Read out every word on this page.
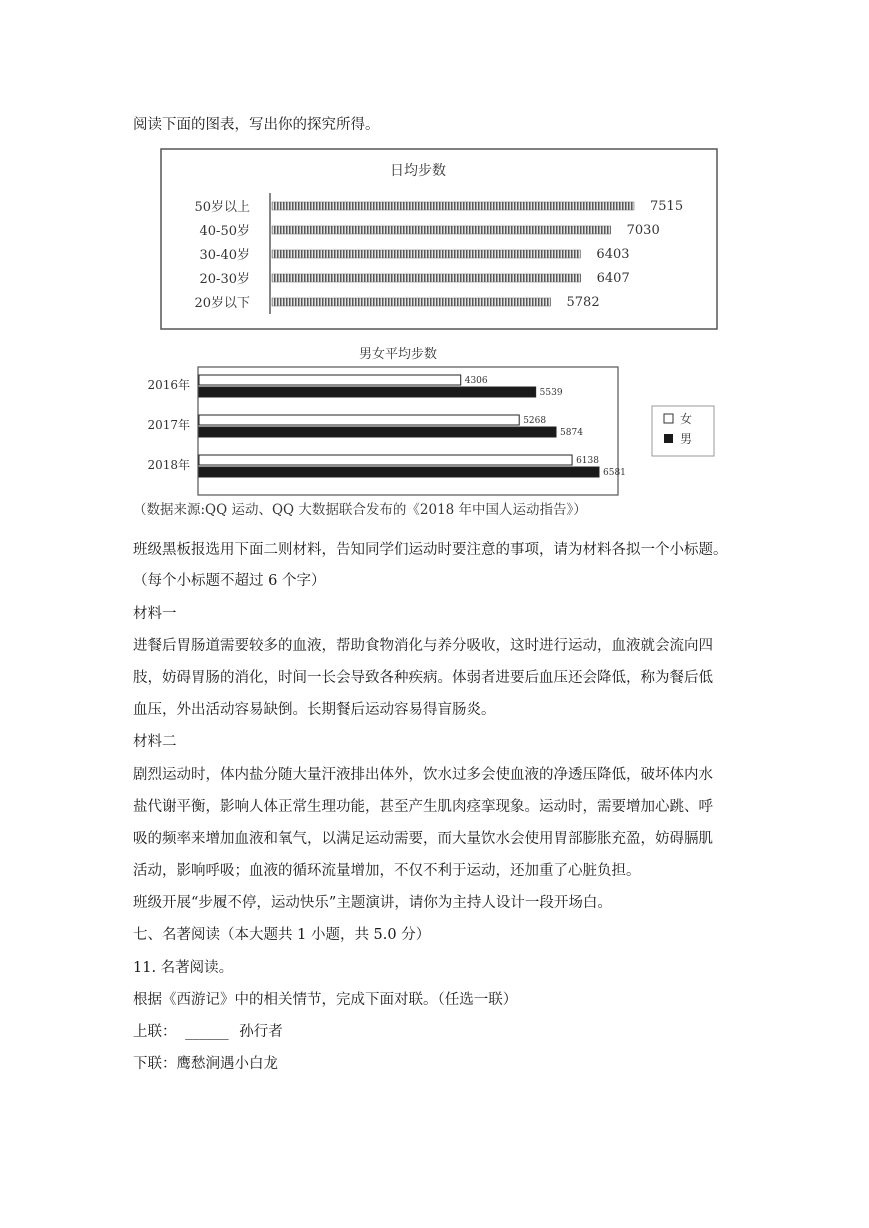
阅读下面的图表，写出你的探究所得。
日均步数
50岁以上	7515
40-50岁	7030
30-40岁	6403
20-30岁	6407
20岁以下	5782
男女平均步数
2016年	4306
5539
2017年	5268
5874
2018年	6138
6581
女
男
（数据来源:QQ 运动、QQ 大数据联合发布的《2018 年中国人运动指告》）
班级黑板报选用下面二则材料，告知同学们运动时要注意的事项，请为材料各拟一个小标题。
（每个小标题不超过 6 个字）
材料一
进餐后胃肠道需要较多的血液，帮助食物消化与养分吸收，这时进行运动，血液就会流向四
肢，妨碍胃肠的消化，时间一长会导致各种疾病。体弱者进要后血压还会降低，称为餐后低
血压，外出活动容易缺倒。长期餐后运动容易得盲肠炎。
材料二
剧烈运动时，体内盐分随大量汗液排出体外，饮水过多会使血液的净透压降低，破坏体内水
盐代谢平衡，影响人体正常生理功能，甚至产生肌肉痉挛现象。运动时，需要增加心跳、呼
吸的频率来增加血液和氧气，以满足运动需要，而大量饮水会使用胃部膨胀充盈，妨碍膈肌
活动，影响呼吸；血液的循环流量增加，不仅不利于运动，还加重了心脏负担。
班级开展“步履不停，运动快乐”主题演讲，请你为主持人设计一段开场白。
七、名著阅读（本大题共 1 小题，共 5.0 分）
11. 名著阅读。
根据《西游记》中的相关情节，完成下面对联。（任选一联）
上联： ______ 孙行者
下联：鹰愁涧遇小白龙
